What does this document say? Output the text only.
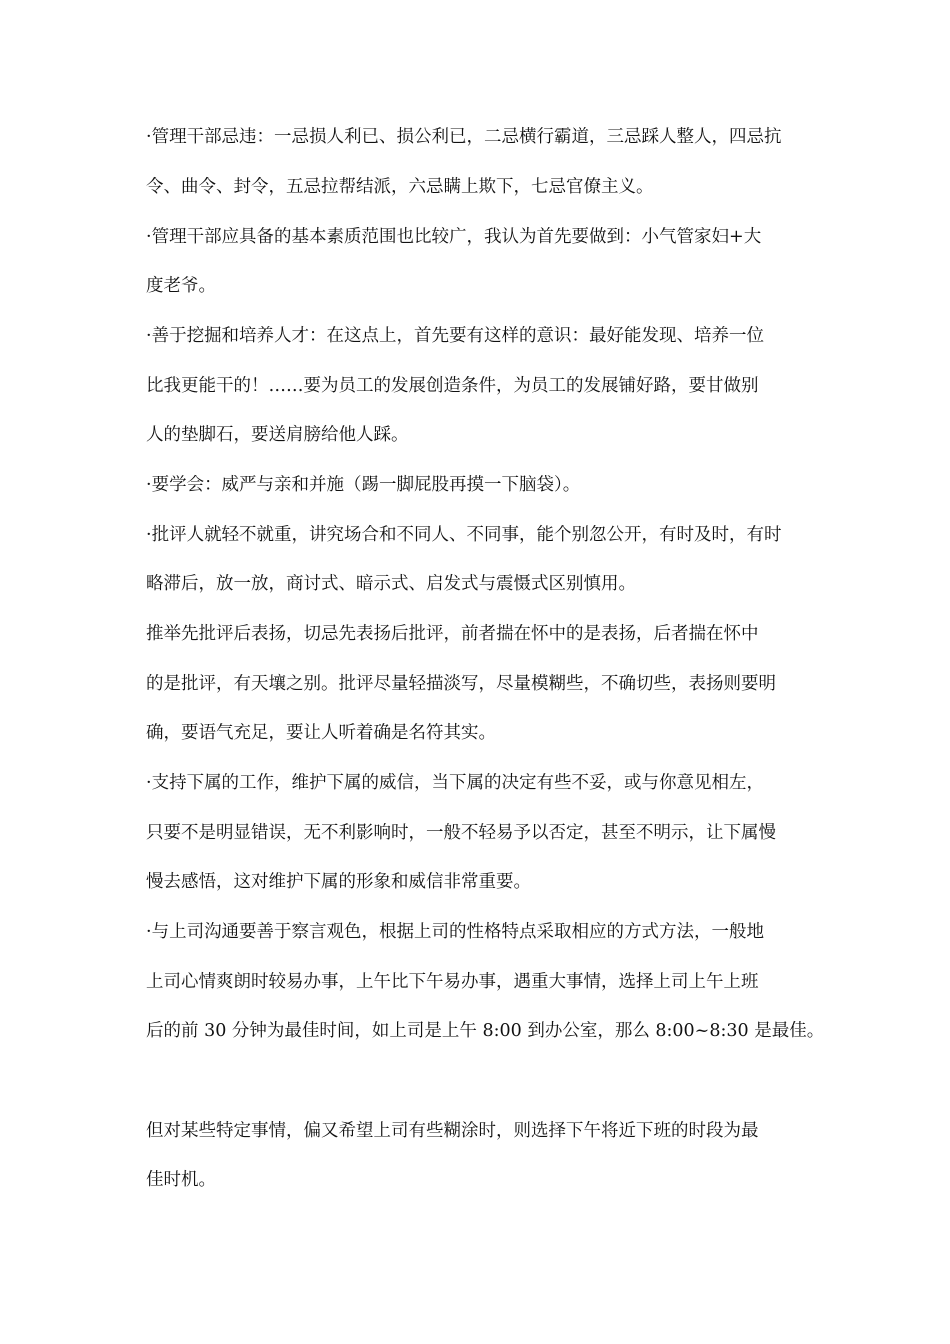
·管理干部忌违：一忌损人利已、损公利已，二忌横行霸道，三忌踩人整人，四忌抗
令、曲令、封令，五忌拉帮结派，六忌瞒上欺下，七忌官僚主义。
·管理干部应具备的基本素质范围也比较广，我认为首先要做到：小气管家妇+大
度老爷。
·善于挖掘和培养人才：在这点上，首先要有这样的意识：最好能发现、培养一位
比我更能干的！……要为员工的发展创造条件，为员工的发展铺好路，要甘做别
人的垫脚石，要送肩膀给他人踩。
·要学会：威严与亲和并施（踢一脚屁股再摸一下脑袋）。
·批评人就轻不就重，讲究场合和不同人、不同事，能个别忽公开，有时及时，有时
略滞后，放一放，商讨式、暗示式、启发式与震慑式区别慎用。
推举先批评后表扬，切忌先表扬后批评，前者揣在怀中的是表扬，后者揣在怀中
的是批评，有天壤之别。批评尽量轻描淡写，尽量模糊些，不确切些，表扬则要明
确，要语气充足，要让人听着确是名符其实。
·支持下属的工作，维护下属的威信，当下属的决定有些不妥，或与你意见相左，
只要不是明显错误，无不利影响时，一般不轻易予以否定，甚至不明示，让下属慢
慢去感悟，这对维护下属的形象和威信非常重要。
·与上司沟通要善于察言观色，根据上司的性格特点采取相应的方式方法，一般地
上司心情爽朗时较易办事，上午比下午易办事，遇重大事情，选择上司上午上班
后的前 30 分钟为最佳时间，如上司是上午 8:00 到办公室，那么 8:00~8:30 是最佳。
但对某些特定事情，偏又希望上司有些糊涂时，则选择下午将近下班的时段为最
佳时机。
